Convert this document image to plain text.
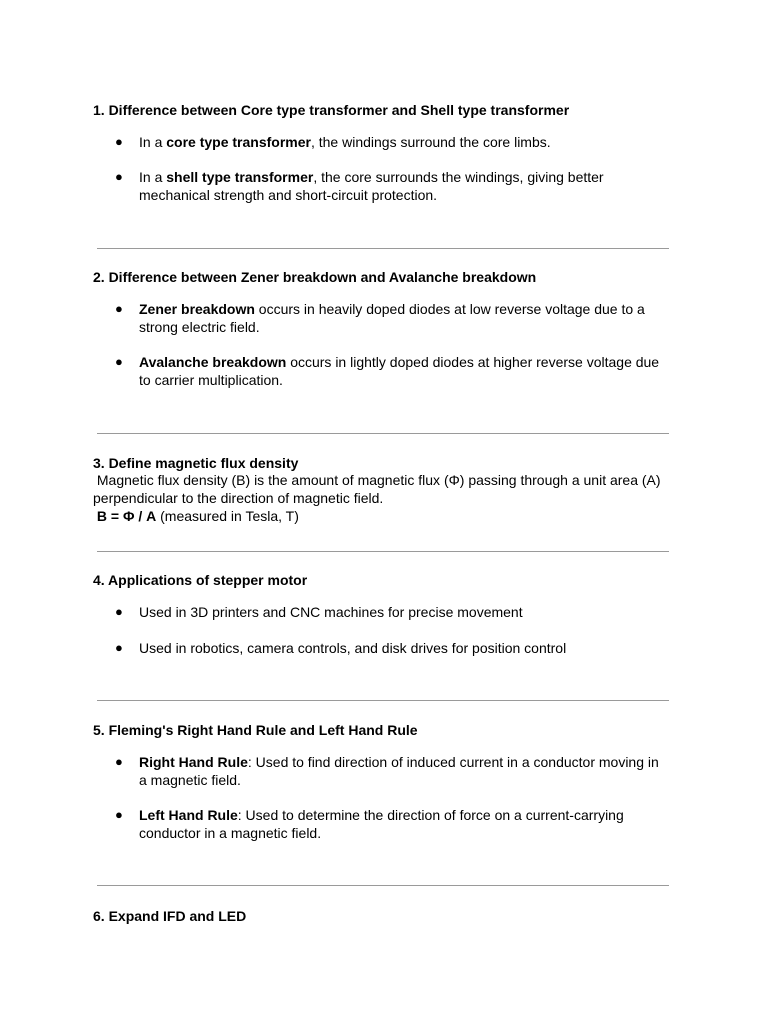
1. Difference between Core type transformer and Shell type transformer
● In a core type transformer, the windings surround the core limbs.
● In a shell type transformer, the core surrounds the windings, giving better mechanical strength and short-circuit protection.
2. Difference between Zener breakdown and Avalanche breakdown
● Zener breakdown occurs in heavily doped diodes at low reverse voltage due to a strong electric field.
● Avalanche breakdown occurs in lightly doped diodes at higher reverse voltage due to carrier multiplication.
3. Define magnetic flux density
Magnetic flux density (B) is the amount of magnetic flux (Φ) passing through a unit area (A) perpendicular to the direction of magnetic field.
B = Φ / A (measured in Tesla, T)
4. Applications of stepper motor
● Used in 3D printers and CNC machines for precise movement
● Used in robotics, camera controls, and disk drives for position control
5. Fleming's Right Hand Rule and Left Hand Rule
● Right Hand Rule: Used to find direction of induced current in a conductor moving in a magnetic field.
● Left Hand Rule: Used to determine the direction of force on a current-carrying conductor in a magnetic field.
6. Expand IFD and LED
